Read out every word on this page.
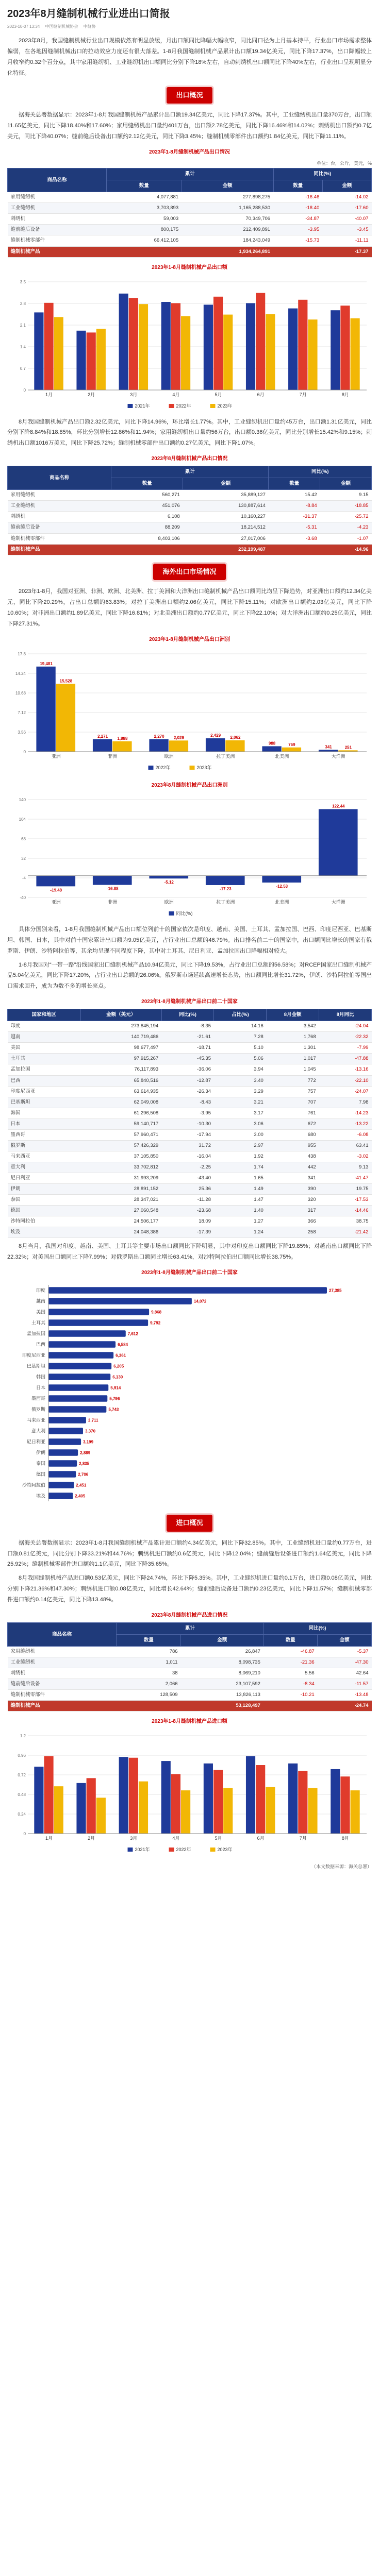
2023年8月缝制机械行业进出口简报
2023-10-07 13:34 中国缝制机械协会 中缝协

2023年8月，我国缝制机械行业出口规模依然有明显放缓，月出口额同比降幅大幅收窄，同比同口径为上月基本持平，行业出口市场需求整体偏弱，在各地因缝制机械出口的拉动效应力度还有很大落差。1-8月我国缝制机械产品累计出口额19.34亿美元，同比下降17.37%，出口降幅较上月收窄约0.32个百分点，其中家用缝纫机、工业缝纫机出口额同比分别下降18%左右，自动刺绣机出口额同比下降40%左右，行业出口呈现明显分化特征。

出口概况

据海关总署数据显示：2023年1-8月我国缝制机械产品累计出口额19.34亿美元，同比下降17.37%。其中，工业缝纫机出口量370万台，出口额11.65亿美元，同比下降18.40%和17.60%；家用缝纫机出口量约401万台，出口额2.78亿美元，同比下降16.46%和14.02%；刺绣机出口额约0.7亿美元，同比下降40.07%；缝前缝后设备出口额约2.12亿美元，同比下降3.45%；缝制机械零部件出口额约1.84亿美元，同比下降11.11%。

2023年1-8月缝制机械产品出口情况
单位：台，公斤，美元，%
商品名称	累计		同比(%)	
	数量	金额	数量	金额
家用缝纫机	4,077,881	277,898,275	-16.46	-14.02
工业缝纫机	3,703,893	1,165,288,530	-18.40	-17.60
刺绣机	59,003	70,349,706	-34.87	-40.07
缝前缝后设备	800,175	212,409,891	-3.95	-3.45
缝制机械零部件	66,412,105	184,243,049	-15.73	-11.11
缝制机械产品		1,934,264,891		-17.37
2023年1-8月缝制机械产品出口额
0
0.7
1.4
2.1
2.8
3.5
1月	2月	3月	4月	5月	6月	7月	8月
2021年	2022年	2023年

8月我国缝制机械产品出口额2.32亿美元，同比下降14.96%，环比增长1.77%。其中，工业缝纫机出口量约45万台，出口额1.31亿美元，同比分别下降8.84%和18.85%，环比分别增长12.86%和11.94%；家用缝纫机出口量约56万台，出口额0.36亿美元，同比分别增长15.42%和9.15%；刺绣机出口额1016万美元，同比下降25.72%；缝制机械零部件出口额约0.27亿美元，同比下降1.07%。

2023年8月缝制机械产品出口情况
商品名称	累计		同比(%)	
	数量	金额	数量	金额
家用缝纫机	560,271	35,889,127	15.42	9.15
工业缝纫机	451,076	130,887,614	-8.84	-18.85
刺绣机	6,108	10,160,227	-31.37	-25.72
缝前缝后设备	88,209	18,214,512	-5.31	-4.23
缝制机械零部件	8,403,106	27,017,006	-3.68	-1.07
缝制机械产品		232,199,487		-14.96
海外出口市场情况

2023年1-8月，我国对亚洲、非洲、欧洲、北美洲、拉丁美洲和大洋洲出口缝制机械产品出口额同比均呈下降趋势，对亚洲出口额约12.34亿美元，同比下降20.29%，占出口总额的63.83%；对拉丁美洲出口额约2.06亿美元，同比下降15.11%；对欧洲出口额约2.03亿美元，同比下降10.60%；对非洲出口额约1.89亿美元，同比下降16.81%；对北美洲出口额约0.77亿美元，同比下降22.10%；对大洋洲出口额约0.25亿美元，同比下降27.31%。

2023年1-8月缝制机械产品出口洲别
0
3.56
7.12
10.68
14.24
17.8
亚洲	非洲	欧洲	拉丁美洲	北美洲	大洋洲
19,481
15,528
2,271 1,888	2,270 2,029	2,429 2,062
988	769
341	251
2022年	2023年
2023年8月缝制机械产品出口洲别
-40
-4
32
68
104
140
亚洲	非洲	欧洲	拉丁美洲	北美洲	大洋洲
-19.48	-16.88
-5.12
-17.23
-12.53
122.44
同比(%)

具体分国别来看，1-8月我国缝制机械产品出口额位列前十的国家依次是印度、越南、美国、土耳其、孟加拉国、巴西、印度尼西亚、巴基斯坦、韩国、日本，其中对前十国家累计出口额为9.05亿美元，占行业出口总额的46.79%。出口排名前二十的国家中，出口额同比增长的国家有俄罗斯、伊朗、沙特阿拉伯等，其余均呈现不同程度下降，其中对土耳其、尼日利亚、孟加拉国出口降幅相对较大。

1-8月我国对“一带一路”沿线国家出口缝制机械产品10.94亿美元，同比下降19.53%，占行业出口总额的56.58%；对RCEP国家出口缝制机械产品5.04亿美元，同比下降17.20%，占行业出口总额的26.06%。俄罗斯市场延续高速增长态势，出口额同比增长31.72%，伊朗、沙特阿拉伯等国出口需求回升，成为为数不多的增长亮点。

2023年1-8月缝制机械产品出口前二十国家
国家和地区	金额（美元）	同比(%)	占比(%)	8月金额	8月同比
印度	273,845,194	-8.35	14.16	3,542	-24.04
越南	140,719,486	-21.61	7.28	1,768	-22.32
美国	98,677,497	-18.71	5.10	1,301	-7.99
土耳其	97,915,267	-45.35	5.06	1,017	-47.88
孟加拉国	76,117,893	-36.06	3.94	1,045	-13.16
巴西	65,840,516	-12.87	3.40	772	-22.10
印度尼西亚	63,614,935	-26.34	3.29	757	-24.07
巴基斯坦	62,049,008	-8.43	3.21	707	7.98
韩国	61,296,508	-3.95	3.17	761	-14.23
日本	59,140,717	-10.30	3.06	672	-13.22
墨西哥	57,960,471	-17.94	3.00	680	-6.08
俄罗斯	57,426,329	31.72	2.97	955	63.41
马来西亚	37,105,850	-16.04	1.92	438	-3.02
意大利	33,702,812	-2.25	1.74	442	9.13
尼日利亚	31,993,209	-43.40	1.65	341	-41.47
伊朗	28,891,152	25.36	1.49	390	19.75
泰国	28,347,021	-11.28	1.47	320	-17.53
德国	27,060,548	-23.68	1.40	317	-14.46
沙特阿拉伯	24,506,177	18.09	1.27	366	38.75
埃及	24,048,386	-17.39	1.24	258	-21.42

8月当月，我国对印度、越南、美国、土耳其等主要市场出口额同比下降明显，其中对印度出口额同比下降19.85%；对越南出口额同比下降22.32%；对美国出口额同比下降7.99%；对俄罗斯出口额同比增长63.41%，对沙特阿拉伯出口额同比增长38.75%。

2023年1-8月缝制机械产品出口前二十国家
印度	27,385
越南	14,072
美国	9,868
土耳其	9,792
孟加拉国	7,612
巴西	6,584
印度尼西亚	6,361
巴基斯坦	6,205
韩国	6,130
日本	5,914
墨西哥	5,796
俄罗斯	5,743
马来西亚	3,711
意大利	3,370
尼日利亚	3,199
伊朗	2,889
泰国	2,835
德国	2,706
沙特阿拉伯	2,451
埃及	2,405
进口概况

据海关总署数据显示：2023年1-8月我国缝制机械产品累计进口额约4.34亿美元，同比下降32.85%。其中，工业缝纫机进口量约0.77万台，进口额0.81亿美元，同比分别下降33.21%和44.76%；刺绣机进口额约0.6亿美元，同比下降12.04%；缝前缝后设备进口额约1.64亿美元，同比下降25.92%；缝制机械零部件进口额约1.1亿美元，同比下降35.65%。

8月我国缝制机械产品进口额0.53亿美元，同比下降24.74%，环比下降5.35%。其中，工业缝纫机进口量约0.1万台，进口额0.08亿美元，同比分别下降21.36%和47.30%；刺绣机进口额0.08亿美元，同比增长42.64%；缝前缝后设备进口额约0.23亿美元，同比下降11.57%；缝制机械零部件进口额约0.14亿美元，同比下降13.48%。

2023年8月缝制机械产品进口情况
商品名称	累计		同比(%)	
	数量	金额	数量	金额
家用缝纫机	786	26,847	-46.87	-5.37
工业缝纫机	1,011	8,098,735	-21.36	-47.30
刺绣机	38	8,069,210	5.56	42.64
缝前缝后设备	2,066	23,107,592	-8.34	-11.57
缝制机械零部件	128,509	13,826,113	-10.21	-13.48
缝制机械产品		53,128,497		-24.74
2023年1-8月缝制机械产品进口额
0
0.24
0.48
0.72
0.96
1.2
1月	2月	3月	4月	5月	6月	7月	8月
2021年	2022年	2023年
（本文数据来源：海关总署）
